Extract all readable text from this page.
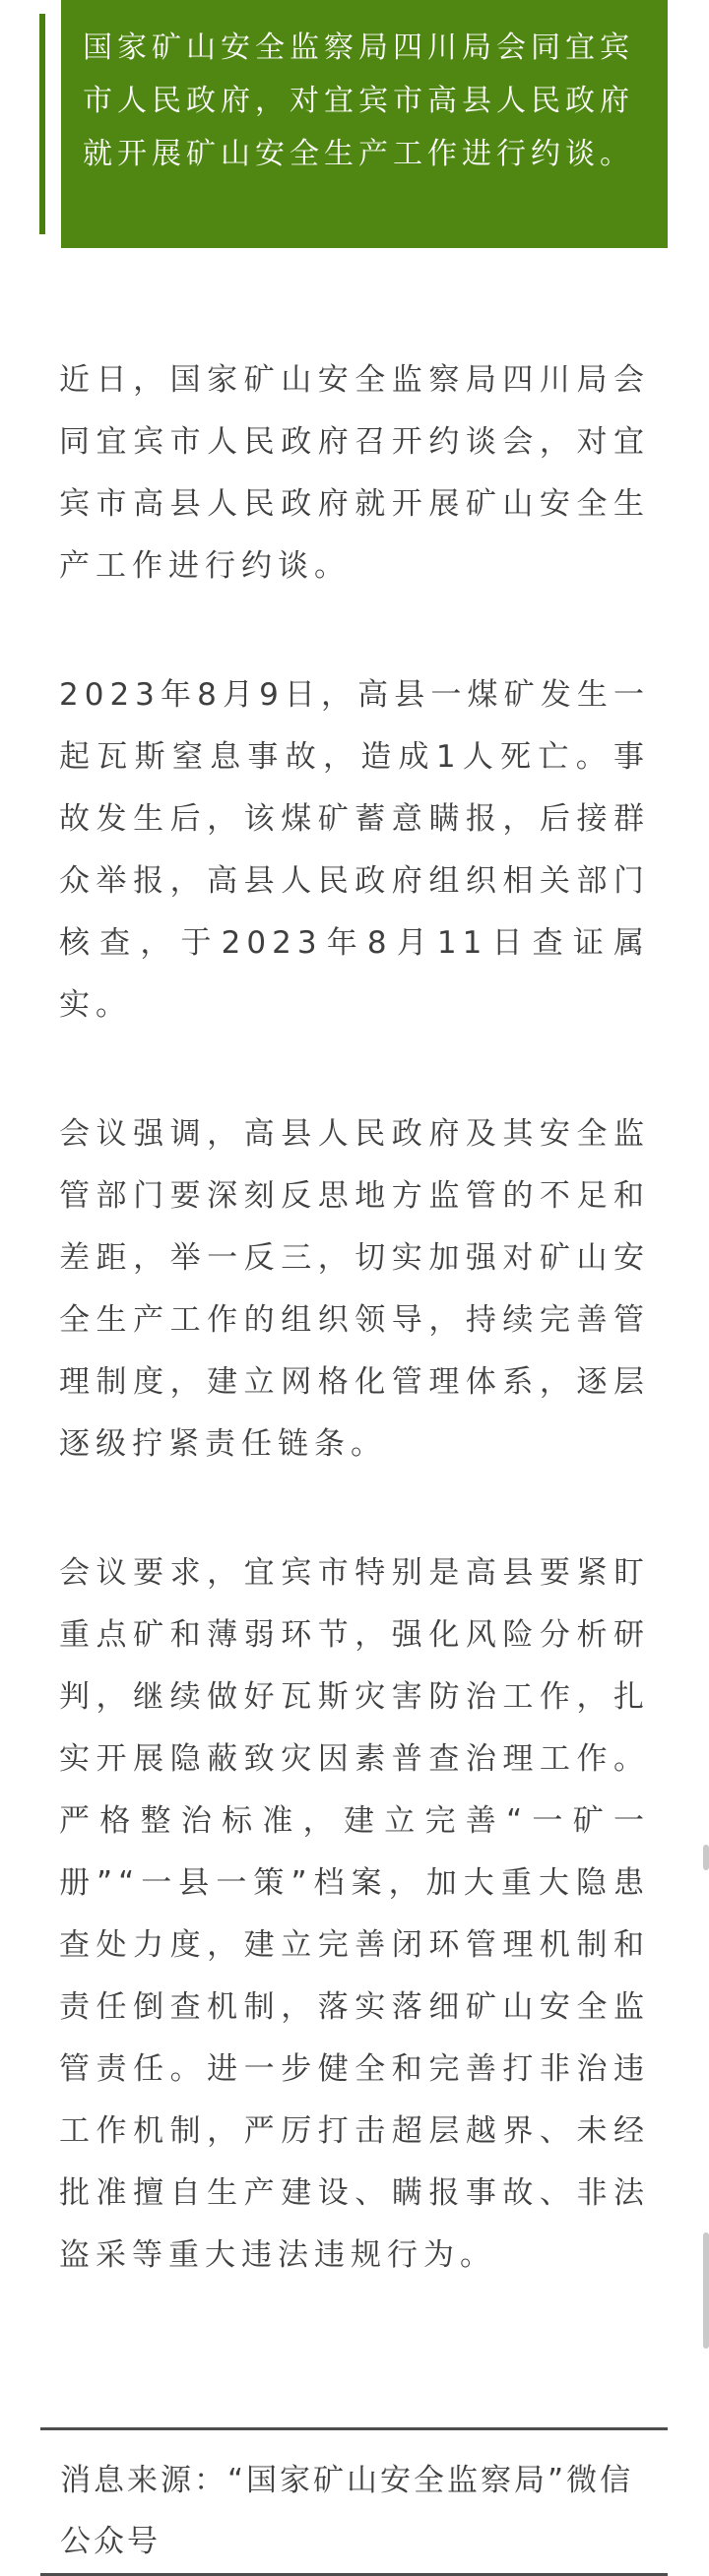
国家矿山安全监察局四川局会同宜宾市人民政府，对宜宾市高县人民政府就开展矿山安全生产工作进行约谈。

近日，国家矿山安全监察局四川局会同宜宾市人民政府召开约谈会，对宜宾市高县人民政府就开展矿山安全生产工作进行约谈。

2023年8月9日，高县一煤矿发生一起瓦斯窒息事故，造成1人死亡。事故发生后，该煤矿蓄意瞒报，后接群众举报，高县人民政府组织相关部门核查，于2023年8月11日查证属实。

会议强调，高县人民政府及其安全监管部门要深刻反思地方监管的不足和差距，举一反三，切实加强对矿山安全生产工作的组织领导，持续完善管理制度，建立网格化管理体系，逐层逐级拧紧责任链条。

会议要求，宜宾市特别是高县要紧盯重点矿和薄弱环节，强化风险分析研判，继续做好瓦斯灾害防治工作，扎实开展隐蔽致灾因素普查治理工作。严格整治标准，建立完善“一矿一册”“一县一策”档案，加大重大隐患查处力度，建立完善闭环管理机制和责任倒查机制，落实落细矿山安全监管责任。进一步健全和完善打非治违工作机制，严厉打击超层越界、未经批准擅自生产建设、瞒报事故、非法盗采等重大违法违规行为。

消息来源：“国家矿山安全监察局”微信公众号
